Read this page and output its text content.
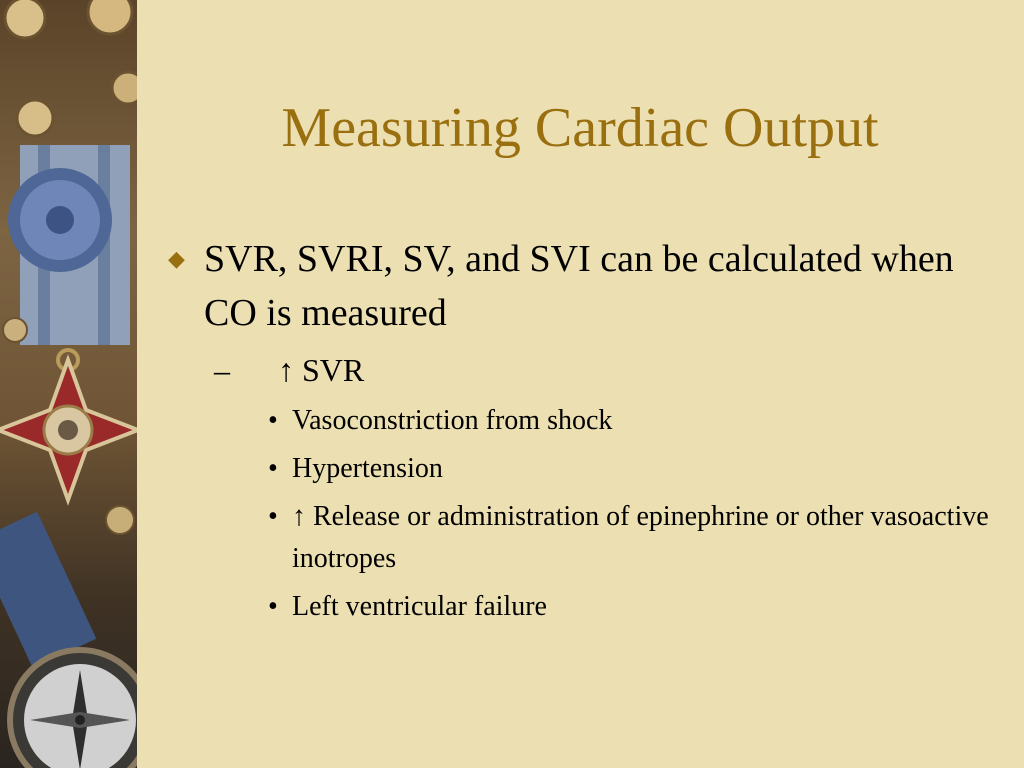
Measuring Cardiac Output
◆ SVR, SVRI, SV, and SVI can be calculated when CO is measured
– ↑ SVR
• Vasoconstriction from shock
• Hypertension
• ↑ Release or administration of epinephrine or other vasoactive inotropes
• Left ventricular failure
